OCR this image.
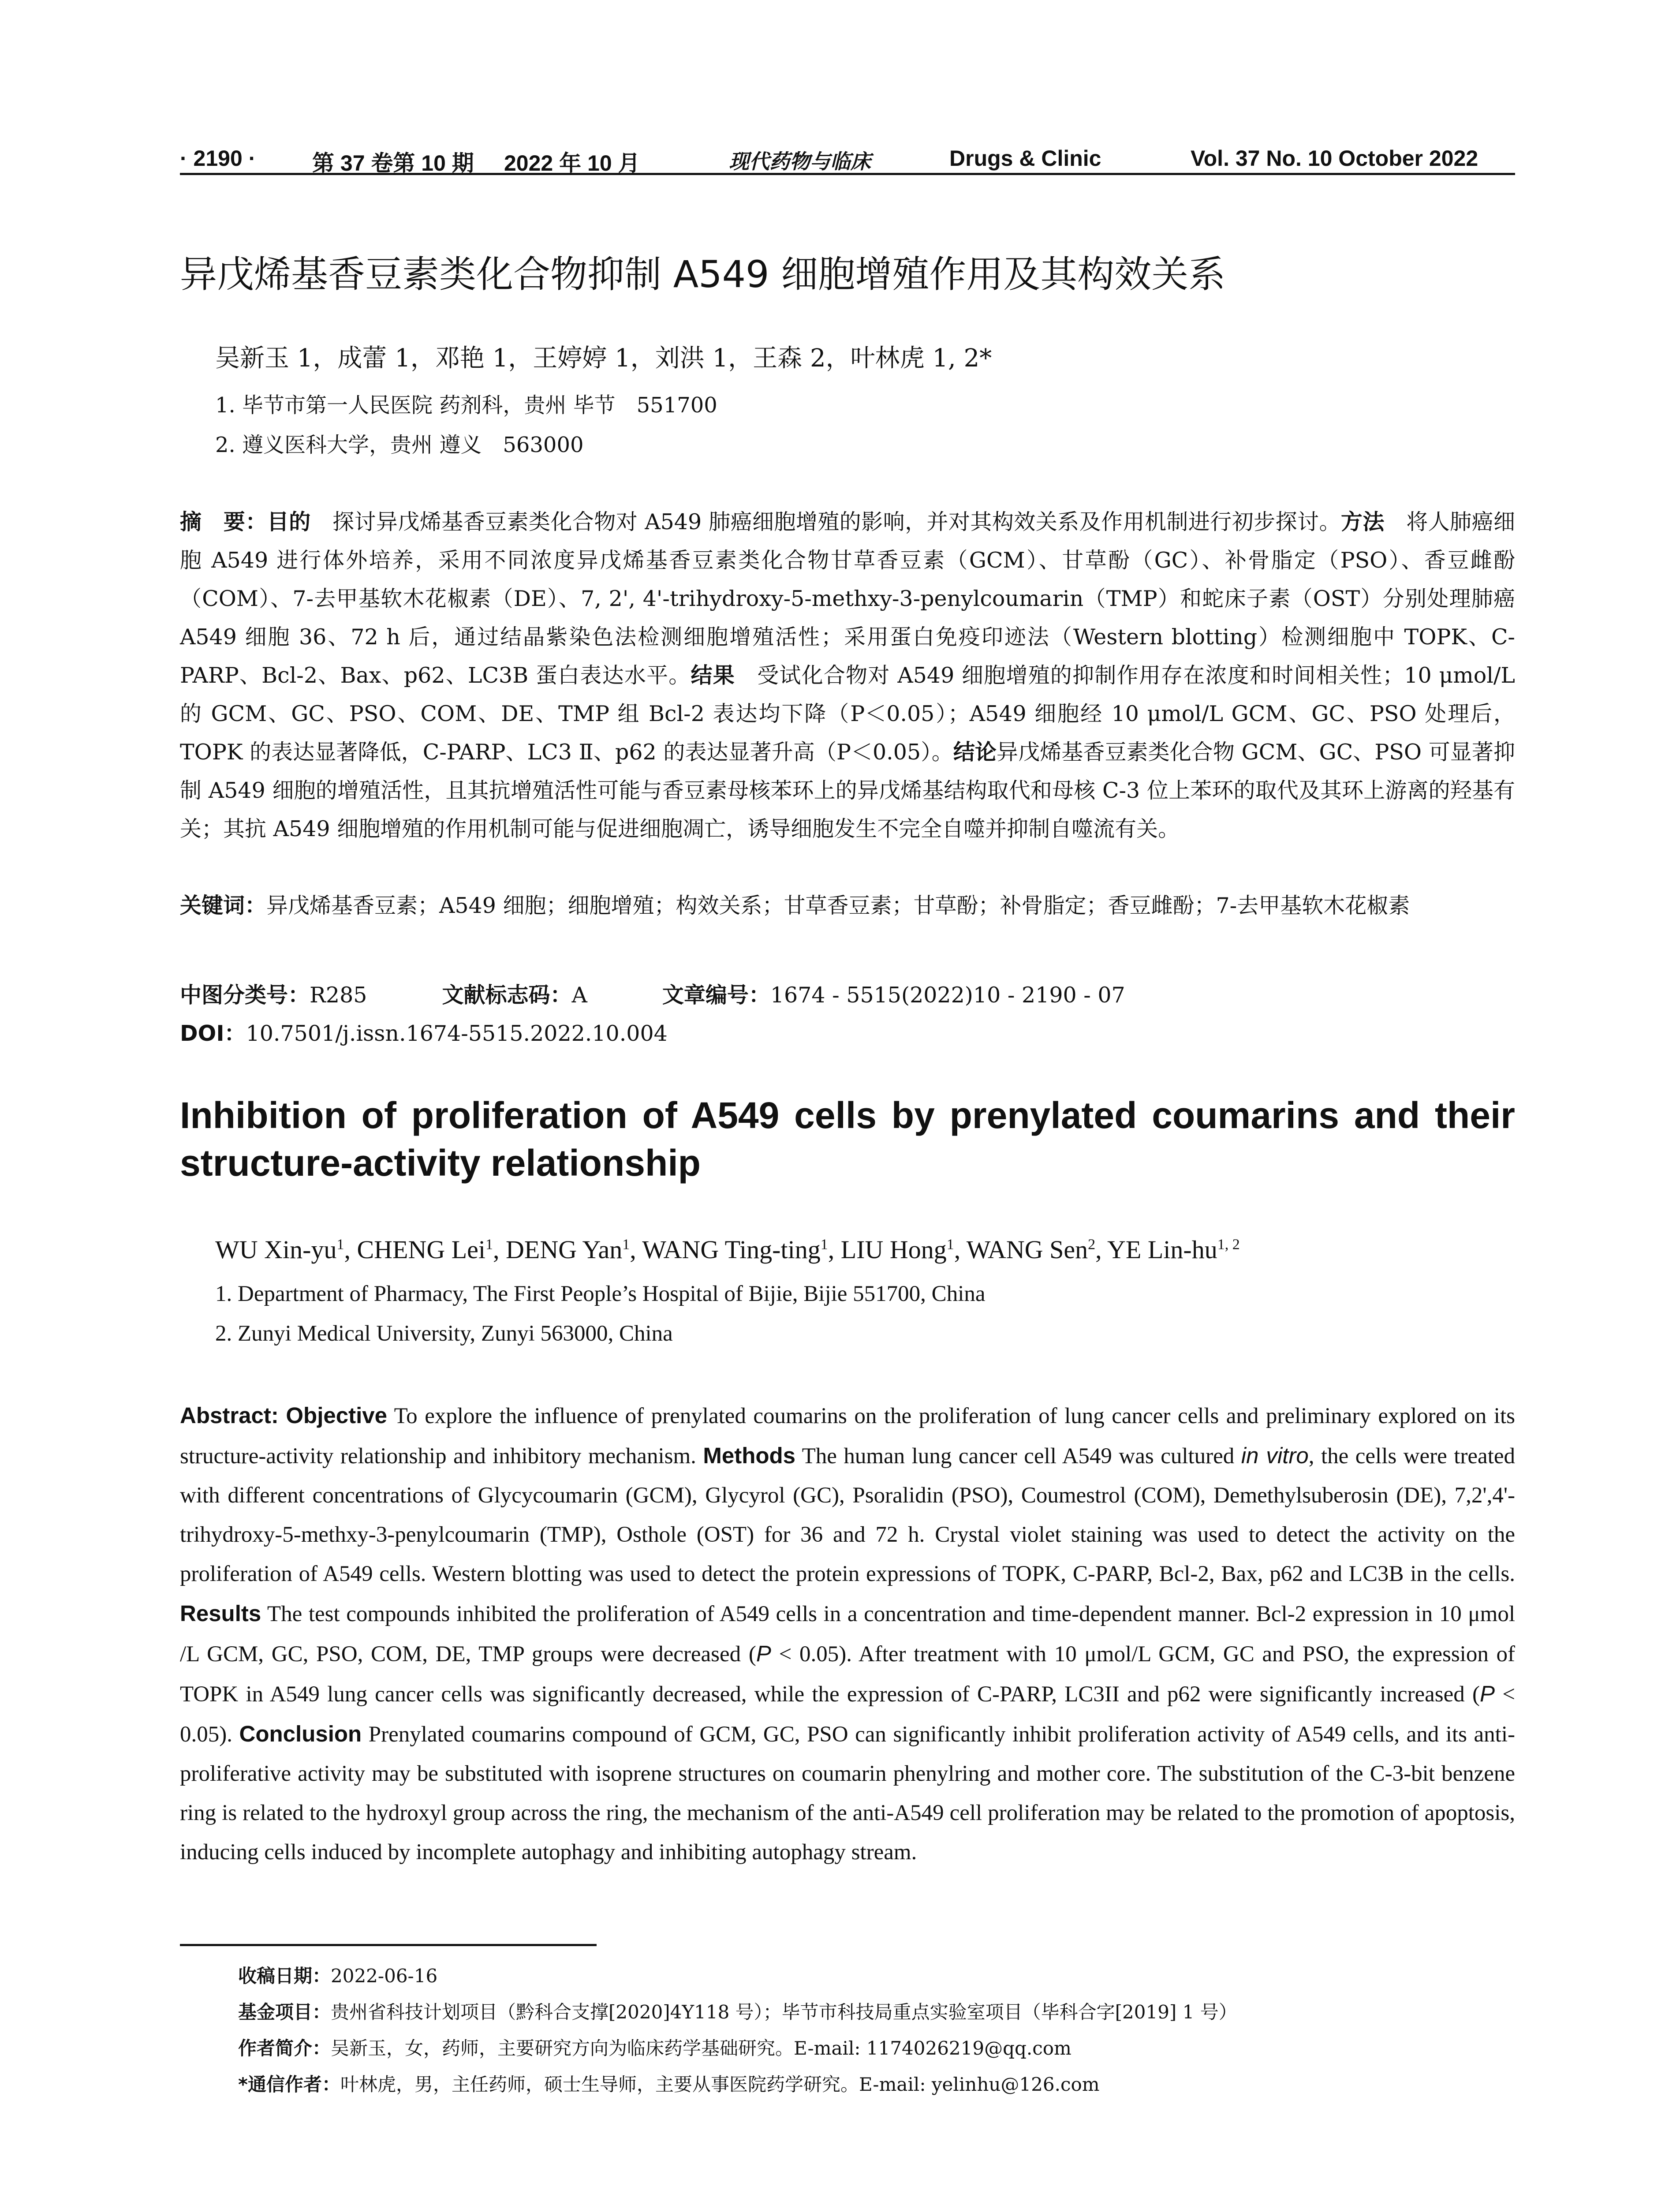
· 2190 ·	第 37 卷第 10 期 2022 年 10 月	现代药物与临床	Drugs & Clinic	Vol. 37 No. 10 October 2022
异戊烯基香豆素类化合物抑制 A549 细胞增殖作用及其构效关系
吴新玉 1，成蕾 1，邓艳 1，王婷婷 1，刘洪 1，王森 2，叶林虎 1, 2*
1. 毕节市第一人民医院 药剂科，贵州 毕节　551700
2. 遵义医科大学，贵州 遵义　563000
摘　要：目的　探讨异戊烯基香豆素类化合物对 A549 肺癌细胞增殖的影响，并对其构效关系及作用机制进行初步探讨。方法　将人肺癌细胞 A549 进行体外培养，采用不同浓度异戊烯基香豆素类化合物甘草香豆素（GCM）、甘草酚（GC）、补骨脂定（PSO）、香豆雌酚（COM）、7-去甲基软木花椒素（DE）、7, 2', 4'-trihydroxy-5-methxy-3-penylcoumarin（TMP）和蛇床子素（OST）分别处理肺癌 A549 细胞 36、72 h 后，通过结晶紫染色法检测细胞增殖活性；采用蛋白免疫印迹法（Western blotting）检测细胞中 TOPK、C-PARP、Bcl-2、Bax、p62、LC3B 蛋白表达水平。结果　受试化合物对 A549 细胞增殖的抑制作用存在浓度和时间相关性；10 μmol/L 的 GCM、GC、PSO、COM、DE、TMP 组 Bcl-2 表达均下降（P＜0.05）；A549 细胞经 10 μmol/L GCM、GC、PSO 处理后，TOPK 的表达显著降低，C-PARP、LC3 Ⅱ、p62 的表达显著升高（P＜0.05）。结论异戊烯基香豆素类化合物 GCM、GC、PSO 可显著抑制 A549 细胞的增殖活性，且其抗增殖活性可能与香豆素母核苯环上的异戊烯基结构取代和母核 C-3 位上苯环的取代及其环上游离的羟基有关；其抗 A549 细胞增殖的作用机制可能与促进细胞凋亡，诱导细胞发生不完全自噬并抑制自噬流有关。
关键词：异戊烯基香豆素；A549 细胞；细胞增殖；构效关系；甘草香豆素；甘草酚；补骨脂定；香豆雌酚；7-去甲基软木花椒素
中图分类号：R285	文献标志码：A	文章编号：1674 - 5515(2022)10 - 2190 - 07
DOI：10.7501/j.issn.1674-5515.2022.10.004
Inhibition of proliferation of A549 cells by prenylated coumarins and their structure-activity relationship
WU Xin-$yu^1$, CHENG Lei$^1$, DENG Yan$^1$, WANG Ting-ting$^1$, LIU Hong$^1$, WANG Sen$^2$, YE Lin-hu$^{1, 2}$
1. Department of Pharmacy, The First People’s Hospital of Bijie, Bijie 551700, China
2. Zunyi Medical University, Zunyi 563000, China
Abstract: Objective To explore the influence of prenylated coumarins on the proliferation of lung cancer cells and preliminary explored on its structure-activity relationship and inhibitory mechanism. Methods The human lung cancer cell A549 was cultured in vitro, the cells were treated with different concentrations of Glycycoumarin (GCM), Glycyrol (GC), Psoralidin (PSO), Coumestrol (COM), Demethylsuberosin (DE), 7,2',4'-trihydroxy-5-methxy-3-penylcoumarin (TMP), Osthole (OST) for 36 and 72 h. Crystal violet staining was used to detect the activity on the proliferation of A549 cells. Western blotting was used to detect the protein expressions of TOPK, C-PARP, Bcl-2, Bax, p62 and LC3B in the cells. Results The test compounds inhibited the proliferation of A549 cells in a concentration and time-dependent manner. Bcl-2 expression in 10 μmol /L GCM, GC, PSO, COM, DE, TMP groups were decreased (P < 0.05). After treatment with 10 μmol/L GCM, GC and PSO, the expression of TOPK in A549 lung cancer cells was significantly decreased, while the expression of C-PARP, LC3II and p62 were significantly increased (P < 0.05). Conclusion Prenylated coumarins compound of GCM, GC, PSO can significantly inhibit proliferation activity of A549 cells, and its anti-proliferative activity may be substituted with isoprene structures on coumarin phenylring and mother core. The substitution of the C-3-bit benzene ring is related to the hydroxyl group across the ring, the mechanism of the anti-A549 cell proliferation may be related to the promotion of apoptosis, inducing cells induced by incomplete autophagy and inhibiting autophagy stream.
收稿日期：2022-06-16
基金项目：贵州省科技计划项目（黔科合支撑[2020]4Y118 号）；毕节市科技局重点实验室项目（毕科合字[2019] 1 号）
作者简介：吴新玉，女，药师，主要研究方向为临床药学基础研究。E-mail: 1174026219@qq.com
*通信作者：叶林虎，男，主任药师，硕士生导师，主要从事医院药学研究。E-mail: yelinhu@126.com
